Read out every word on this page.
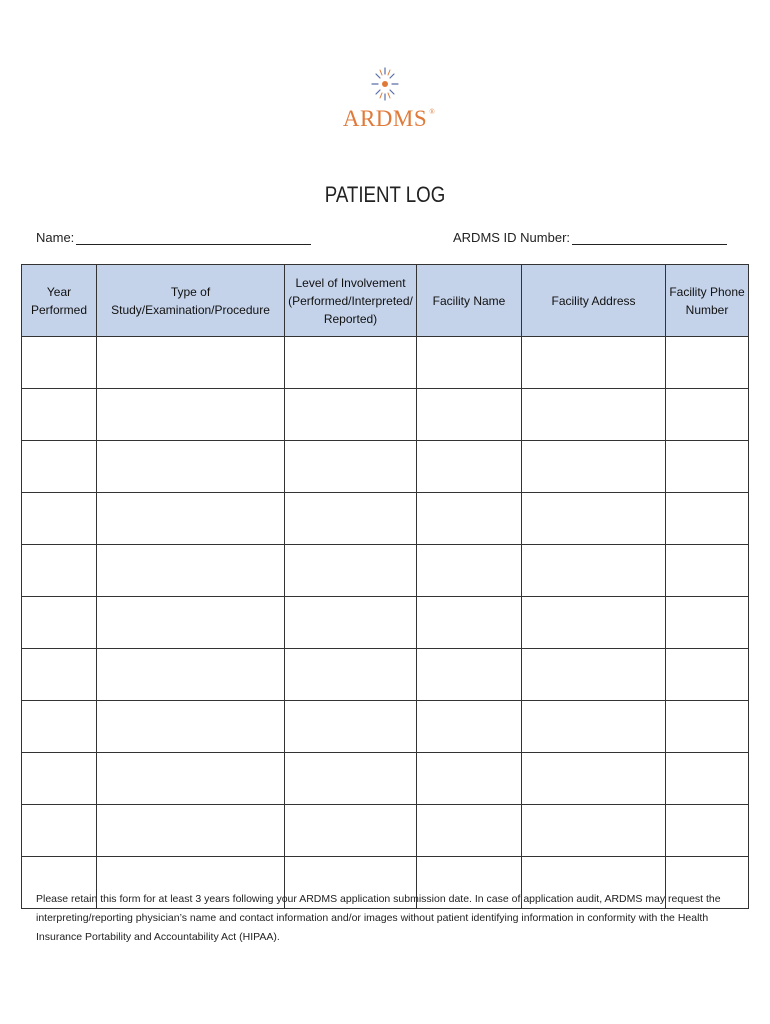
ARDMS ®
PATIENT LOG
Name:	ARDMS ID Number:
Year Performed	Type of Study/Examination/Procedure	Level of Involvement (Performed/Interpreted/ Reported)	Facility Name	Facility Address	Facility Phone Number

Please retain this form for at least 3 years following your ARDMS application submission date. In case of application audit, ARDMS may request the interpreting/reporting physician’s name and contact information and/or images without patient identifying information in conformity with the Health Insurance Portability and Accountability Act (HIPAA).
